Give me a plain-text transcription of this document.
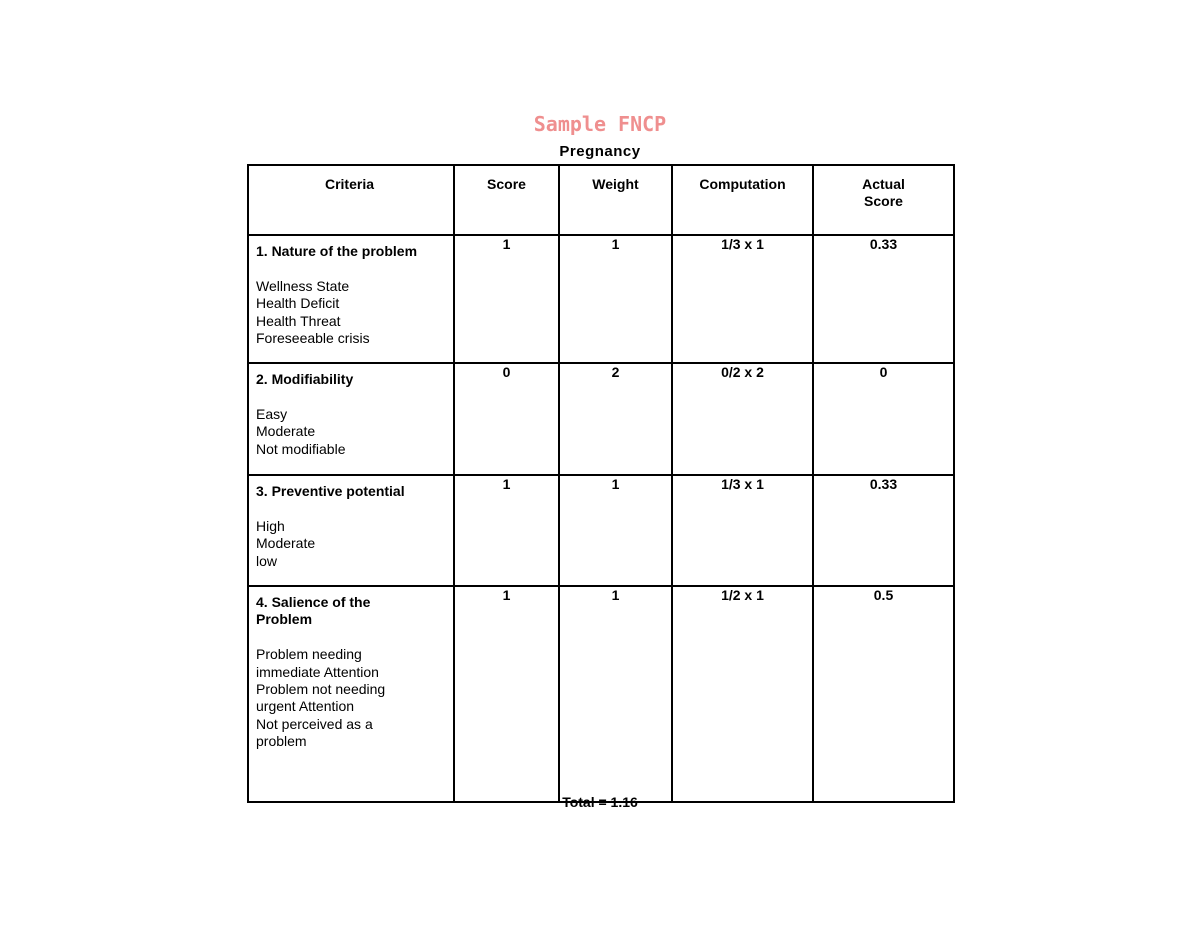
Sample FNCP
Pregnancy
Criteria	Score	Weight	Computation	Actual Score

1. Nature of the problem
Wellness State
Health Deficit
Health Threat
Foreseeable crisis	1	1	1/3 x 1	0.33

2. Modifiability
Easy
Moderate
Not modifiable	0	2	0/2 x 2	0

3. Preventive potential
High
Moderate
low	1	1	1/3 x 1	0.33

4. Salience of the Problem
Problem needing immediate Attention
Problem not needing urgent Attention
Not perceived as a problem	1	1	1/2 x 1	0.5
Total = 1.16
